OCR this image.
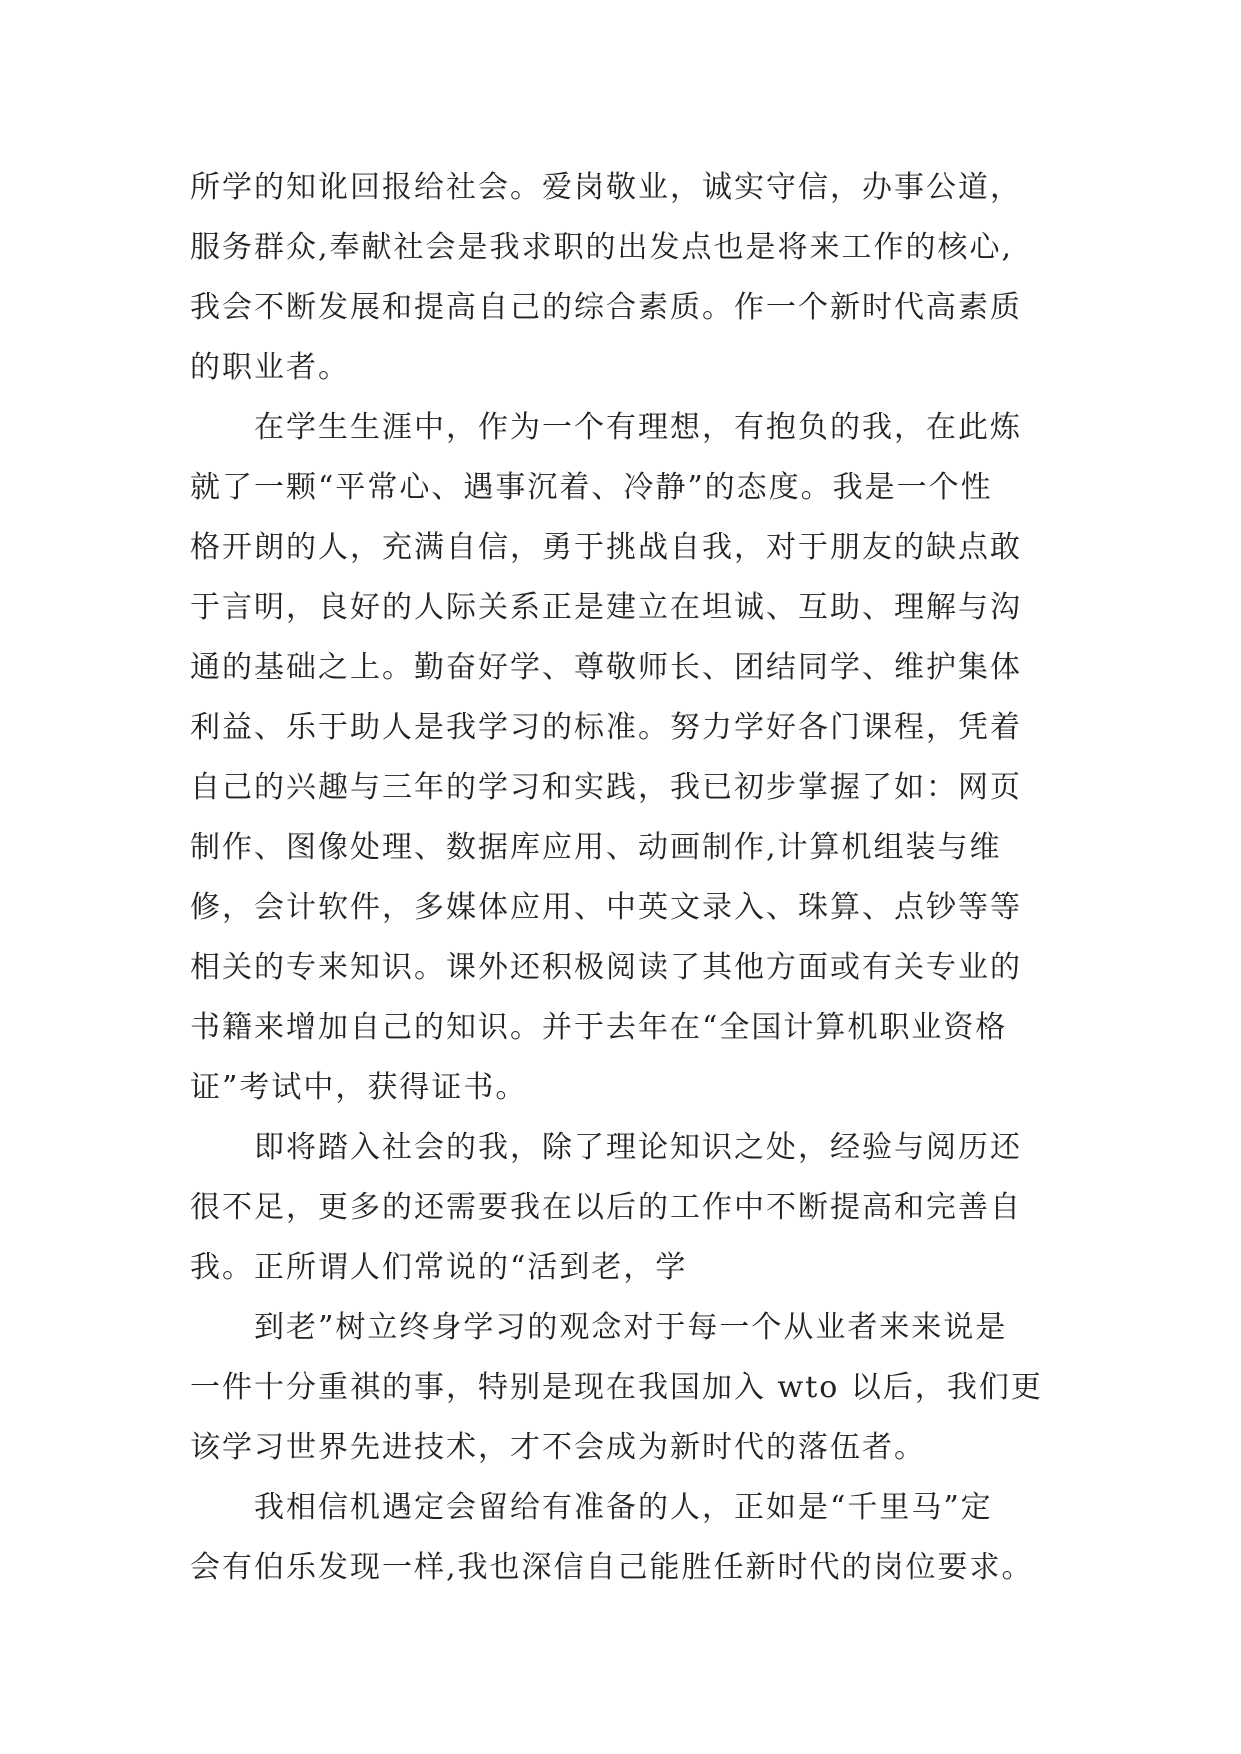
所学的知讹回报给社会。爱岗敬业，诚实守信，办事公道，
服务群众,奉献社会是我求职的出发点也是将来工作的核心,
我会不断发展和提高自己的综合素质。作一个新时代高素质
的职业者。
在学生生涯中，作为一个有理想，有抱负的我，在此炼
就了一颗“平常心、遇事沉着、冷静”的态度。我是一个性
格开朗的人，充满自信，勇于挑战自我，对于朋友的缺点敢
于言明，良好的人际关系正是建立在坦诚、互助、理解与沟
通的基础之上。勤奋好学、尊敬师长、团结同学、维护集体
利益、乐于助人是我学习的标准。努力学好各门课程，凭着
自己的兴趣与三年的学习和实践，我已初步掌握了如：网页
制作、图像处理、数据库应用、动画制作,计算机组装与维
修，会计软件，多媒体应用、中英文录入、珠算、点钞等等
相关的专来知识。课外还积极阅读了其他方面或有关专业的
书籍来增加自己的知识。并于去年在“全国计算机职业资格
证”考试中，获得证书。
即将踏入社会的我，除了理论知识之处，经验与阅历还
很不足，更多的还需要我在以后的工作中不断提高和完善自
我。正所谓人们常说的“活到老，学
到老”树立终身学习的观念对于每一个从业者来来说是
一件十分重祺的事，特别是现在我国加入 wto 以后，我们更
该学习世界先进技术，才不会成为新时代的落伍者。
我相信机遇定会留给有准备的人，正如是“千里马”定
会有伯乐发现一样,我也深信自己能胜任新时代的岗位要求。
